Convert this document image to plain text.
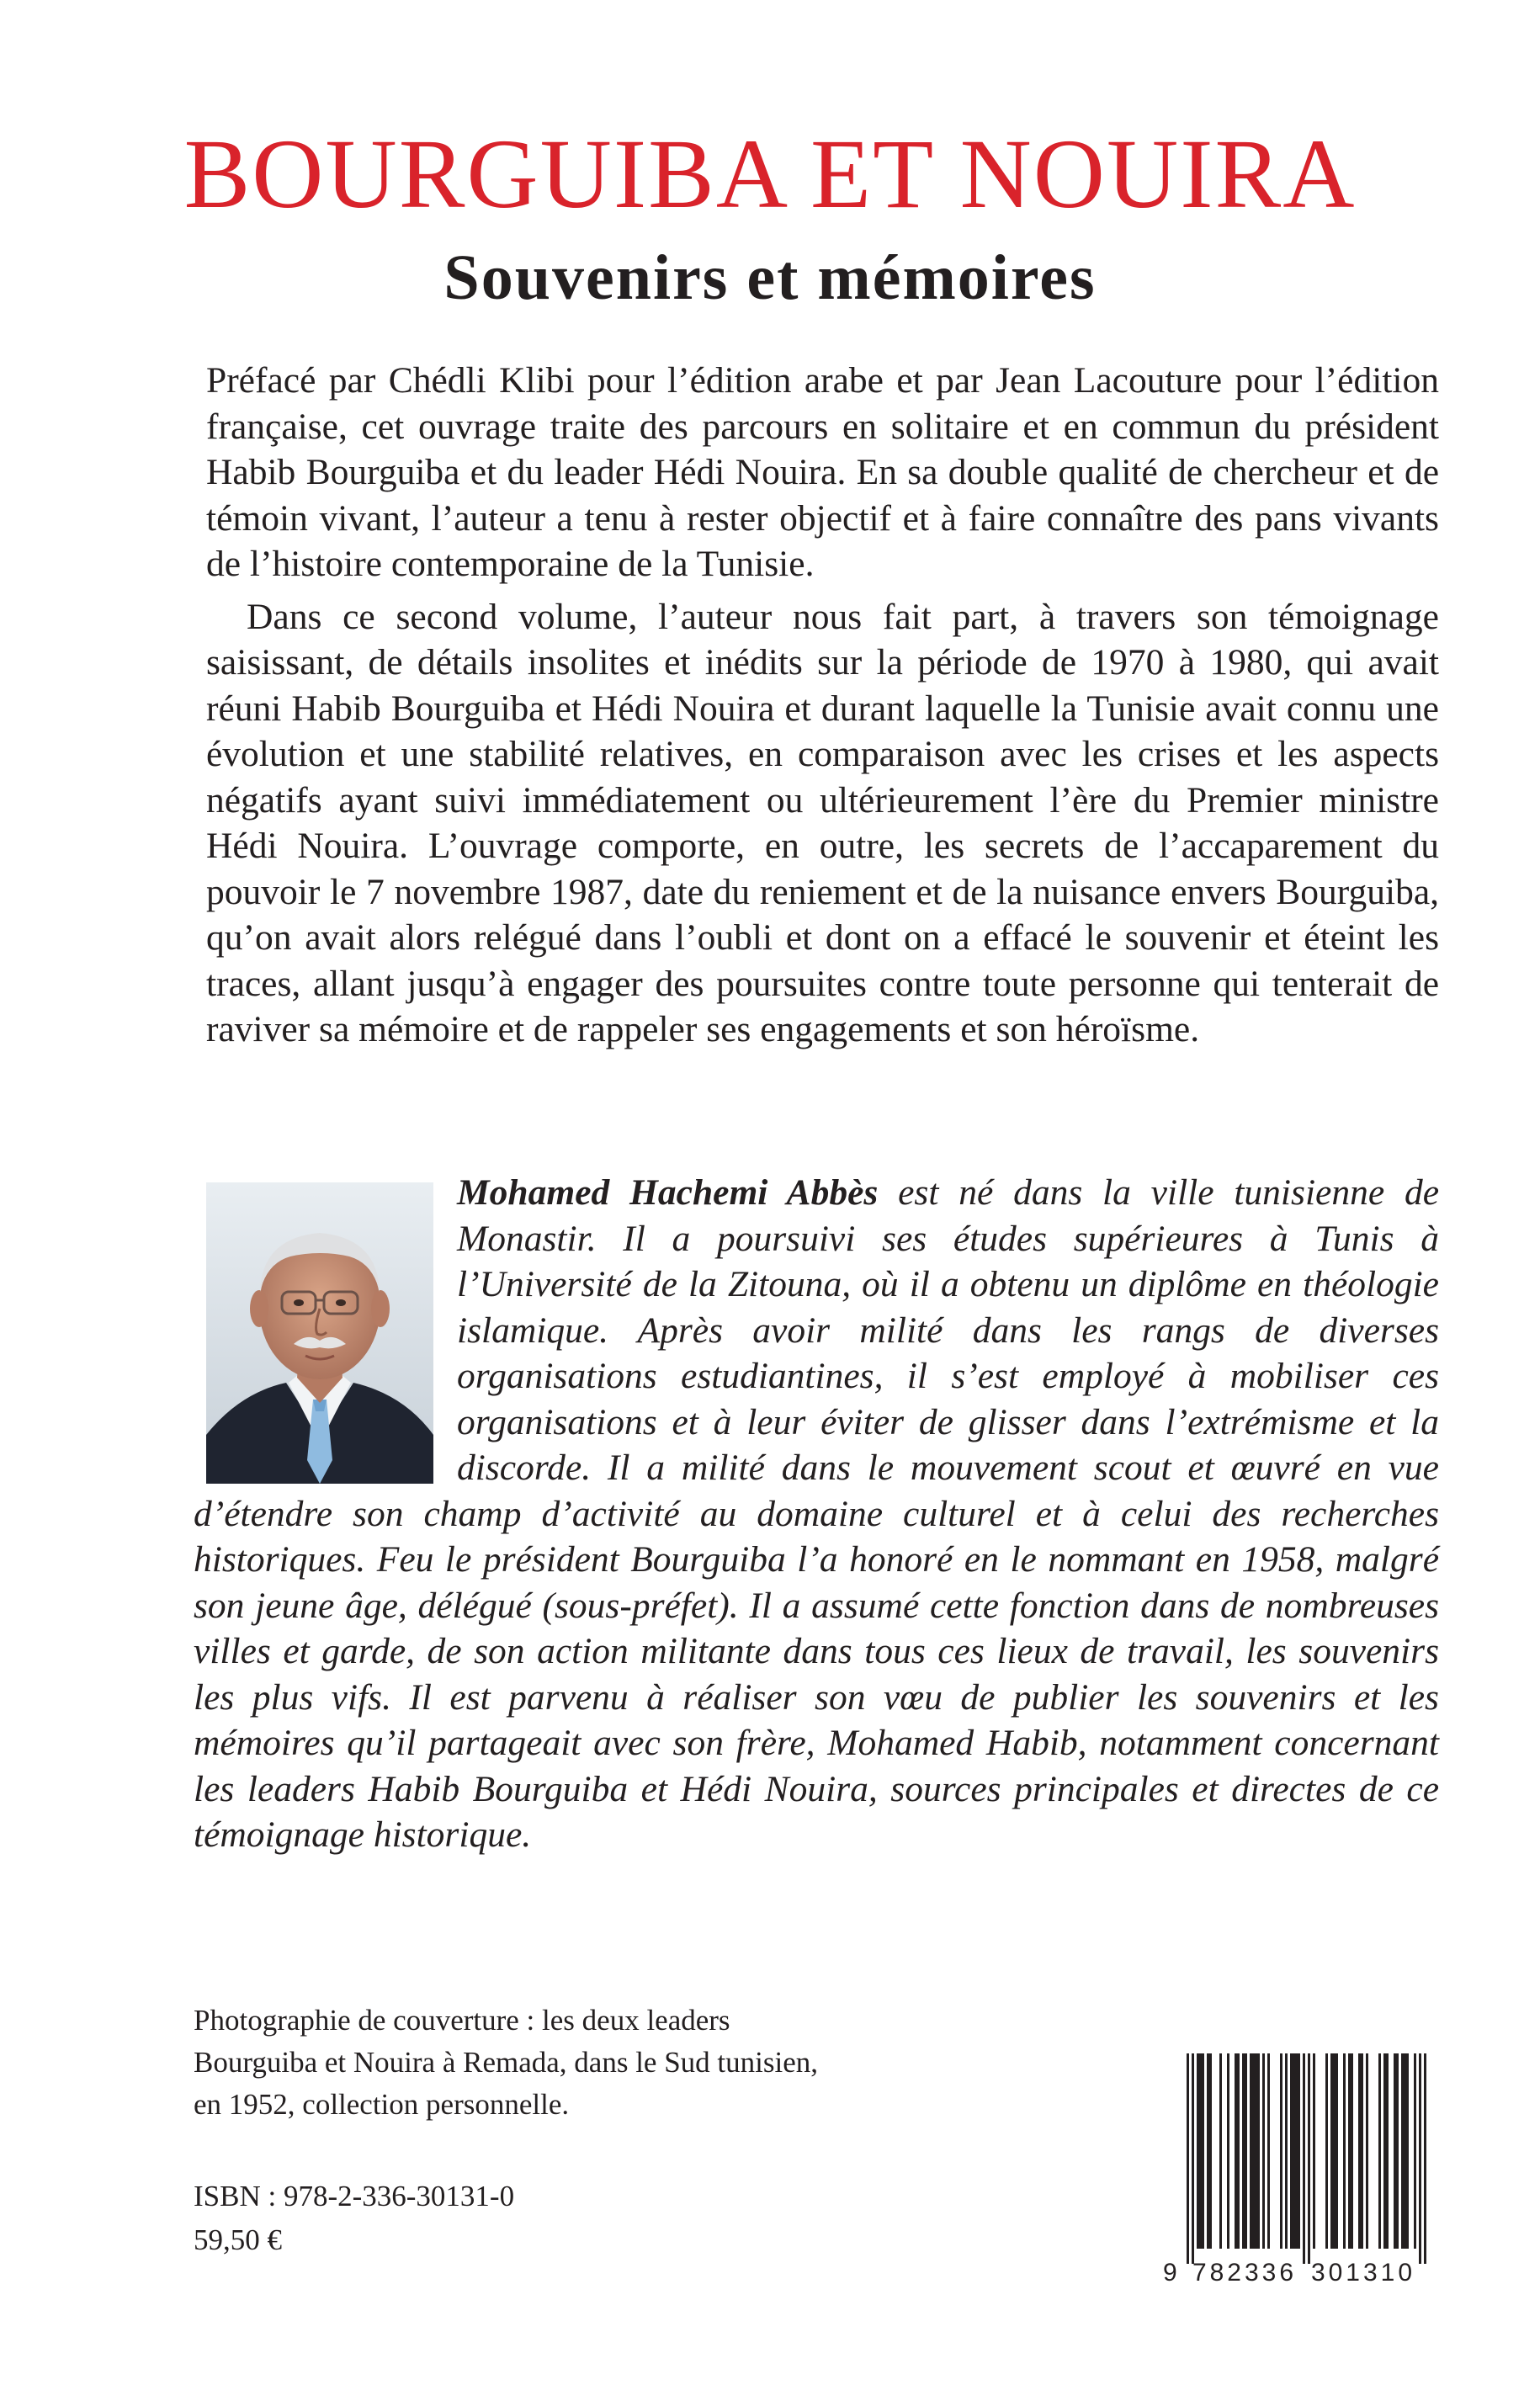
BOURGUIBA ET NOUIRA
Souvenirs et mémoires

Préfacé par Chédli Klibi pour l’édition arabe et par Jean Lacouture pour l’édition française, cet ouvrage traite des parcours en solitaire et en commun du président Habib Bourguiba et du leader Hédi Nouira. En sa double qualité de chercheur et de témoin vivant, l’auteur a tenu à rester objectif et à faire connaître des pans vivants de l’histoire contemporaine de la Tunisie.

Dans ce second volume, l’auteur nous fait part, à travers son témoignage saisissant, de détails insolites et inédits sur la période de 1970 à 1980, qui avait réuni Habib Bourguiba et Hédi Nouira et durant laquelle la Tunisie avait connu une évolution et une stabilité relatives, en comparaison avec les crises et les aspects négatifs ayant suivi immédiatement ou ultérieurement l’ère du Premier ministre Hédi Nouira. L’ouvrage comporte, en outre, les secrets de l’accaparement du pouvoir le 7 novembre 1987, date du reniement et de la nuisance envers Bourguiba, qu’on avait alors relégué dans l’oubli et dont on a effacé le souvenir et éteint les traces, allant jusqu’à engager des poursuites contre toute personne qui tenterait de raviver sa mémoire et de rappeler ses engagements et son héroïsme.

Mohamed Hachemi Abbès est né dans la ville tunisienne de Monastir. Il a poursuivi ses études supérieures à Tunis à l’Université de la Zitouna, où il a obtenu un diplôme en théologie islamique. Après avoir milité dans les rangs de diverses organisations estudiantines, il s’est employé à mobiliser ces organisations et à leur éviter de glisser dans l’extrémisme et la discorde. Il a milité dans le mouvement scout et œuvré en vue d’étendre son champ d’activité au domaine culturel et à celui des recherches historiques. Feu le président Bourguiba l’a honoré en le nommant en 1958, malgré son jeune âge, délégué (sous-préfet). Il a assumé cette fonction dans de nombreuses villes et garde, de son action militante dans tous ces lieux de travail, les souvenirs les plus vifs. Il est parvenu à réaliser son vœu de publier les souvenirs et les mémoires qu’il partageait avec son frère, Mohamed Habib, notamment concernant les leaders Habib Bourguiba et Hédi Nouira, sources principales et directes de ce témoignage historique.
Photographie de couverture : les deux leaders
Bourguiba et Nouira à Remada, dans le Sud tunisien,
en 1952, collection personnelle.
ISBN : 978-2-336-30131-0
59,50 €
9 782336 301310
